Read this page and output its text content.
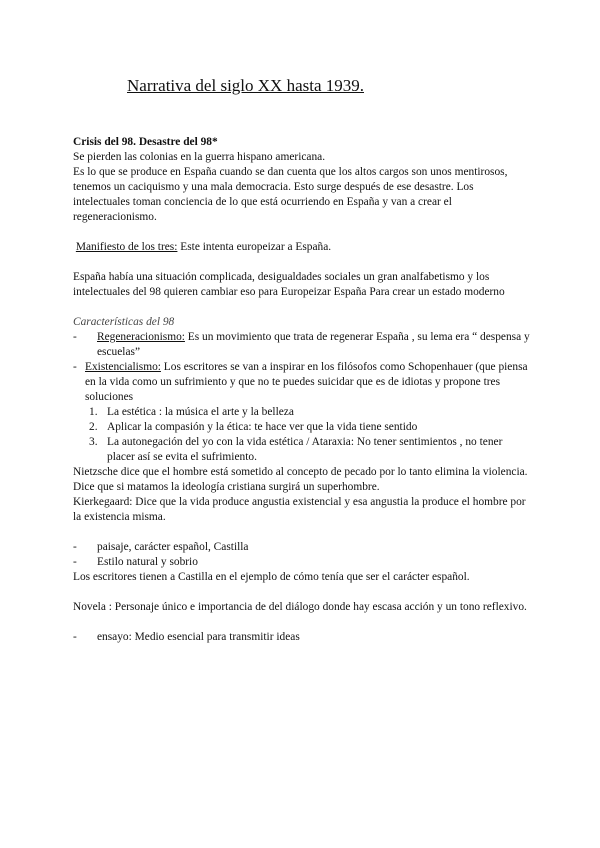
Narrativa del siglo XX hasta 1939.

Crisis del 98. Desastre del 98*

Se pierden las colonias en la guerra hispano americana.

Es lo que se produce en España cuando se dan cuenta que los altos cargos son unos mentirosos, tenemos un caciquismo y una mala democracia. Esto surge después de ese desastre. Los intelectuales toman conciencia de lo que está ocurriendo en España y van a crear el regeneracionismo.

Manifiesto de los tres: Este intenta europeizar a España.

España había una situación complicada, desigualdades sociales un gran analfabetismo y los intelectuales del 98 quieren cambiar eso para Europeizar España Para crear un estado moderno

Características del 98

- Regeneracionismo: Es un movimiento que trata de regenerar España , su lema era “ despensa y escuelas”
- Existencialismo: Los escritores se van a inspirar en los filósofos como Schopenhauer (que piensa en la vida como un sufrimiento y que no te puedes suicidar que es de idiotas y propone tres soluciones
1. La estética : la música el arte y la belleza
2. Aplicar la compasión y la ética: te hace ver que la vida tiene sentido
3. La autonegación del yo con la vida estética / Ataraxia: No tener sentimientos , no tener placer así se evita el sufrimiento.

Nietzsche dice que el hombre está sometido al concepto de pecado por lo tanto elimina la violencia. Dice que si matamos la ideología cristiana surgirá un superhombre.

Kierkegaard: Dice que la vida produce angustia existencial y esa angustia la produce el hombre por la existencia misma.

- paisaje, carácter español, Castilla
- Estilo natural y sobrio

Los escritores tienen a Castilla en el ejemplo de cómo tenía que ser el carácter español.

Novela : Personaje único e importancia de del diálogo donde hay escasa acción y un tono reflexivo.

- ensayo: Medio esencial para transmitir ideas
